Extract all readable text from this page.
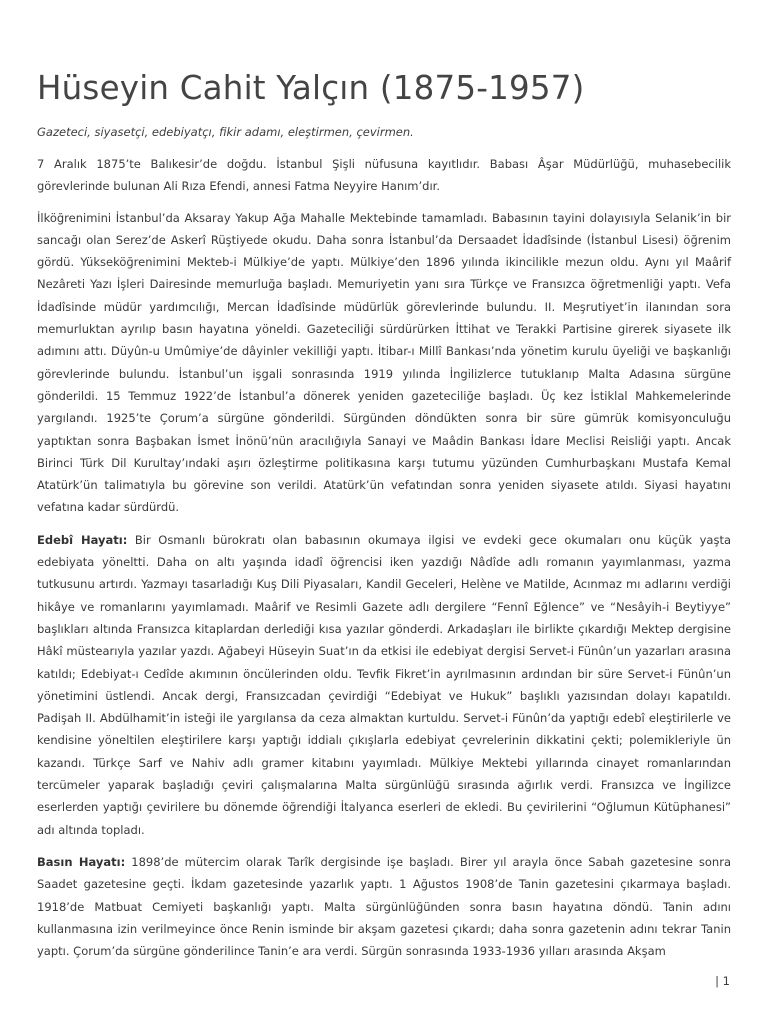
Hüseyin Cahit Yalçın (1875-1957)
Gazeteci, siyasetçi, edebiyatçı, fikir adamı, eleştirmen, çevirmen.

7 Aralık 1875’te Balıkesir’de doğdu. İstanbul Şişli nüfusuna kayıtlıdır. Babası Âşar Müdürlüğü, muhasebecilik görevlerinde bulunan Ali Rıza Efendi, annesi Fatma Neyyire Hanım’dır.

İlköğrenimini İstanbul’da Aksaray Yakup Ağa Mahalle Mektebinde tamamladı. Babasının tayini dolayısıyla Selanik’in bir sancağı olan Serez’de Askerî Rüştiyede okudu. Daha sonra İstanbul’da Dersaadet İdadîsinde (İstanbul Lisesi) öğrenim gördü. Yükseköğrenimini Mekteb-i Mülkiye’de yaptı. Mülkiye’den 1896 yılında ikincilikle mezun oldu. Aynı yıl Maârif Nezâreti Yazı İşleri Dairesinde memurluğa başladı. Memuriyetin yanı sıra Türkçe ve Fransızca öğretmenliği yaptı. Vefa İdadîsinde müdür yardımcılığı, Mercan İdadîsinde müdürlük görevlerinde bulundu. II. Meşrutiyet’in ilanından sora memurluktan ayrılıp basın hayatına yöneldi. Gazeteciliği sürdürürken İttihat ve Terakki Partisine girerek siyasete ilk adımını attı. Düyûn-u Umûmiye’de dâyinler vekilliği yaptı. İtibar-ı Millî Bankası’nda yönetim kurulu üyeliği ve başkanlığı görevlerinde bulundu. İstanbul’un işgali sonrasında 1919 yılında İngilizlerce tutuklanıp Malta Adasına sürgüne gönderildi. 15 Temmuz 1922’de İstanbul’a dönerek yeniden gazeteciliğe başladı. Üç kez İstiklal Mahkemelerinde yargılandı. 1925’te Çorum’a sürgüne gönderildi. Sürgünden döndükten sonra bir süre gümrük komisyonculuğu yaptıktan sonra Başbakan İsmet İnönü’nün aracılığıyla Sanayi ve Maâdin Bankası İdare Meclisi Reisliği yaptı. Ancak Birinci Türk Dil Kurultay’ındaki aşırı özleştirme politikasına karşı tutumu yüzünden Cumhurbaşkanı Mustafa Kemal Atatürk’ün talimatıyla bu görevine son verildi. Atatürk’ün vefatından sonra yeniden siyasete atıldı. Siyasi hayatını vefatına kadar sürdürdü.

Edebî Hayatı: Bir Osmanlı bürokratı olan babasının okumaya ilgisi ve evdeki gece okumaları onu küçük yaşta edebiyata yöneltti. Daha on altı yaşında idadî öğrencisi iken yazdığı Nâdîde adlı romanın yayımlanması, yazma tutkusunu artırdı. Yazmayı tasarladığı Kuş Dili Piyasaları, Kandil Geceleri, Helène ve Matilde, Acınmaz mı adlarını verdiği hikâye ve romanlarını yayımlamadı. Maârif ve Resimli Gazete adlı dergilere “Fennî Eğlence” ve “Nesâyih-i Beytiyye” başlıkları altında Fransızca kitaplardan derlediği kısa yazılar gönderdi. Arkadaşları ile birlikte çıkardığı Mektep dergisine Hâkî müstearıyla yazılar yazdı. Ağabeyi Hüseyin Suat’ın da etkisi ile edebiyat dergisi Servet-i Fünûn’un yazarları arasına katıldı; Edebiyat-ı Cedîde akımının öncülerinden oldu. Tevfik Fikret’in ayrılmasının ardından bir süre Servet-i Fünûn’un yönetimini üstlendi. Ancak dergi, Fransızcadan çevirdiği “Edebiyat ve Hukuk” başlıklı yazısından dolayı kapatıldı. Padişah II. Abdülhamit’in isteği ile yargılansa da ceza almaktan kurtuldu. Servet-i Fünûn’da yaptığı edebî eleştirilerle ve kendisine yöneltilen eleştirilere karşı yaptığı iddialı çıkışlarla edebiyat çevrelerinin dikkatini çekti; polemikleriyle ün kazandı. Türkçe Sarf ve Nahiv adlı gramer kitabını yayımladı. Mülkiye Mektebi yıllarında cinayet romanlarından tercümeler yaparak başladığı çeviri çalışmalarına Malta sürgünlüğü sırasında ağırlık verdi. Fransızca ve İngilizce eserlerden yaptığı çevirilere bu dönemde öğrendiği İtalyanca eserleri de ekledi. Bu çevirilerini “Oğlumun Kütüphanesi” adı altında topladı.

Basın Hayatı: 1898’de mütercim olarak Tarîk dergisinde işe başladı. Birer yıl arayla önce Sabah gazetesine sonra Saadet gazetesine geçti. İkdam gazetesinde yazarlık yaptı. 1 Ağustos 1908’de Tanin gazetesini çıkarmaya başladı. 1918’de Matbuat Cemiyeti başkanlığı yaptı. Malta sürgünlüğünden sonra basın hayatına döndü. Tanin adını kullanmasına izin verilmeyince önce Renin isminde bir akşam gazetesi çıkardı; daha sonra gazetenin adını tekrar Tanin yaptı. Çorum’da sürgüne gönderilince Tanin’e ara verdi. Sürgün sonrasında 1933-1936 yılları arasında Akşam

| 1
